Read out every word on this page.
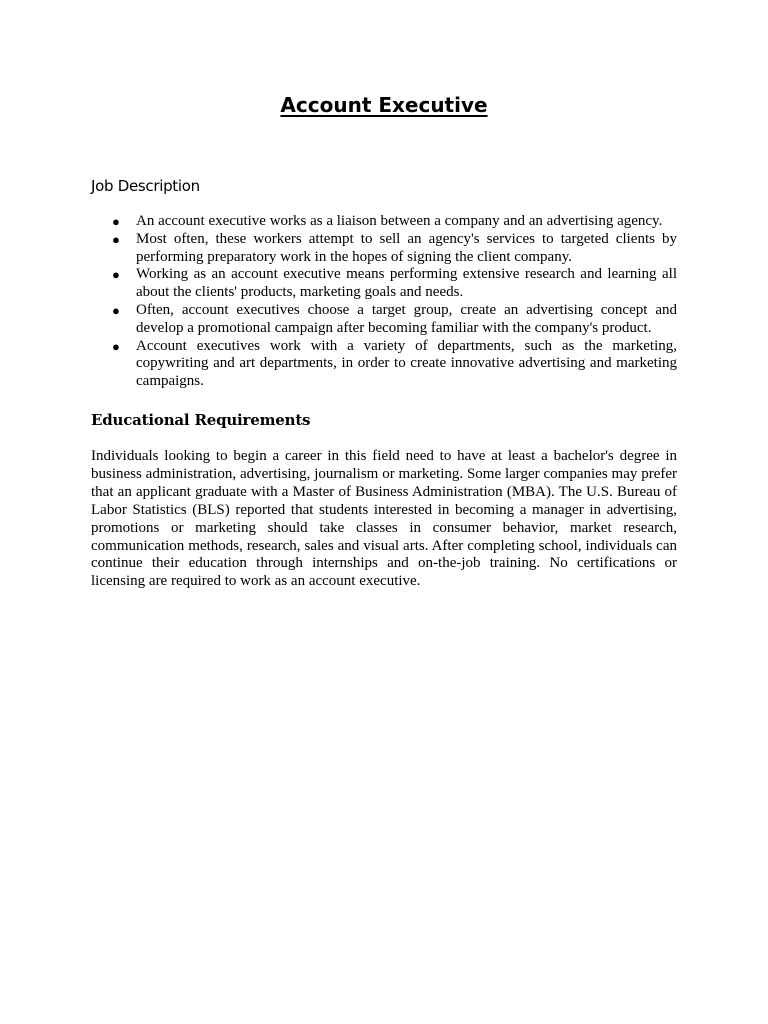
Account Executive
Job Description
● An account executive works as a liaison between a company and an advertising agency.
● Most often, these workers attempt to sell an agency's services to targeted clients by performing preparatory work in the hopes of signing the client company.
● Working as an account executive means performing extensive research and learning all about the clients' products, marketing goals and needs.
● Often, account executives choose a target group, create an advertising concept and develop a promotional campaign after becoming familiar with the company's product.
● Account executives work with a variety of departments, such as the marketing, copywriting and art departments, in order to create innovative advertising and marketing campaigns.
Educational Requirements

Individuals looking to begin a career in this field need to have at least a bachelor's degree in business administration, advertising, journalism or marketing. Some larger companies may prefer that an applicant graduate with a Master of Business Administration (MBA). The U.S. Bureau of Labor Statistics (BLS) reported that students interested in becoming a manager in advertising, promotions or marketing should take classes in consumer behavior, market research, communication methods, research, sales and visual arts. After completing school, individuals can continue their education through internships and on-the-job training. No certifications or licensing are required to work as an account executive.
